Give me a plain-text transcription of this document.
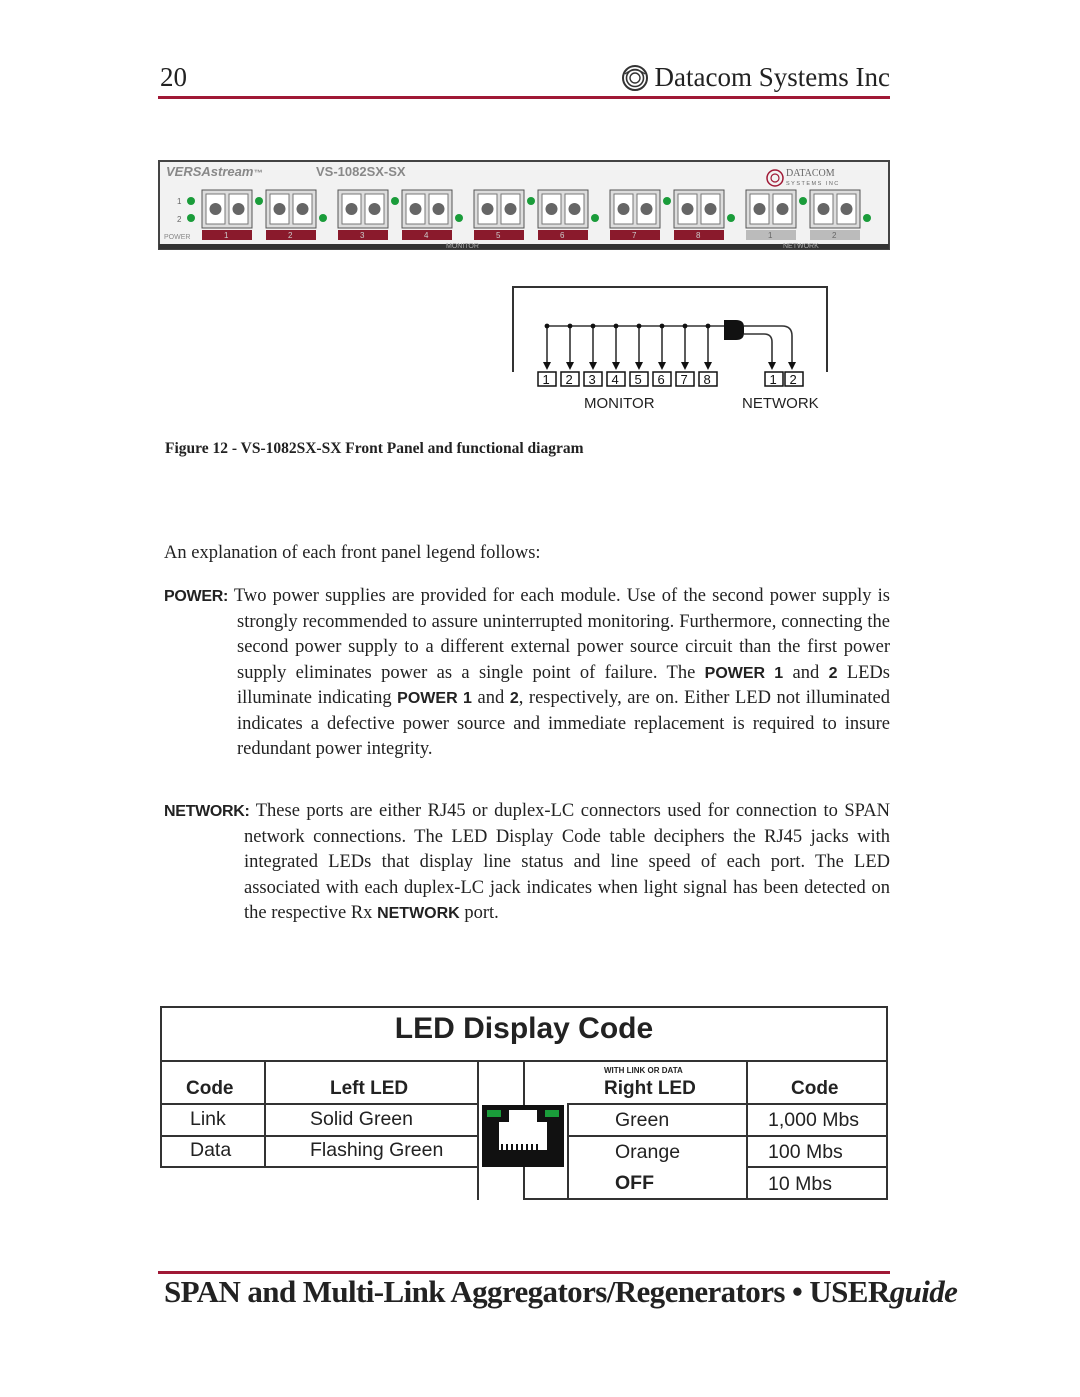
20	Datacom Systems Inc
VERSAstream™	VS-1082SX-SX	DATACOM
SYSTEMS INC
1
2
POWER	1	2	3	4	5	6	7	8	1	2
MONITOR	NETWORK
1 2 3 4 5 6 7 8	1 2
MONITOR	NETWORK
Figure 12 - VS-1082SX-SX Front Panel and functional diagram
An explanation of each front panel legend follows:
POWER: Two power supplies are provided for each module. Use of the second power supply is strongly recommended to assure uninterrupted monitoring. Furthermore, connecting the second power supply to a different external power source circuit than the first power supply eliminates power as a single point of failure. The POWER 1 and 2 LEDs illuminate indicating POWER 1 and 2, respectively, are on. Either LED not illuminated indicates a defective power source and immediate replacement is required to insure redundant power integrity.
NETWORK: These ports are either RJ45 or duplex-LC connectors used for connection to SPAN network connections. The LED Display Code table deciphers the RJ45 jacks with integrated LEDs that display line status and line speed of each port. The LED associated with each duplex-LC jack indicates when light signal has been detected on the respective Rx NETWORK port.
LED Display Code
Code	Left LED
WITH LINK OR DATA
Right LED	Code
Link	Solid Green
Data	Flashing Green
Green	1,000 Mbs
Orange	100 Mbs
OFF	10 Mbs
SPAN and Multi-Link Aggregators/Regenerators • USERguide
